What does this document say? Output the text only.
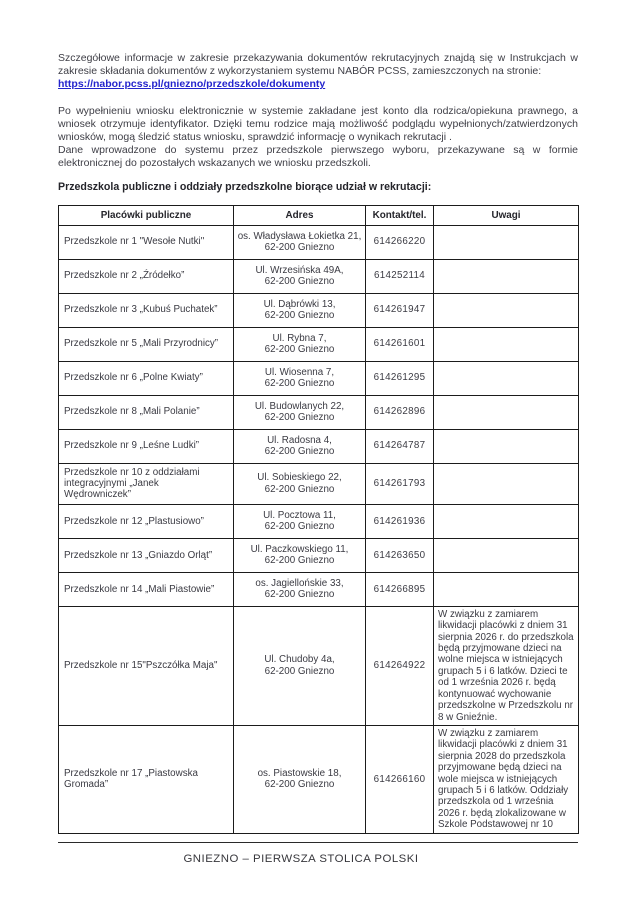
Szczegółowe informacje w zakresie przekazywania dokumentów rekrutacyjnych znajdą się w Instrukcjach w zakresie składania dokumentów z wykorzystaniem systemu NABÓR PCSS, zamieszczonych na stronie:
https://nabor.pcss.pl/gniezno/przedszkole/dokumenty
Po wypełnieniu wniosku elektronicznie w systemie zakładane jest konto dla rodzica/opiekuna prawnego, a wniosek otrzymuje identyfikator. Dzięki temu rodzice mają możliwość podglądu wypełnionych/zatwierdzonych wniosków, mogą śledzić status wniosku, sprawdzić informację o wynikach rekrutacji .
Dane wprowadzone do systemu przez przedszkole pierwszego wyboru, przekazywane są w formie elektronicznej do pozostałych wskazanych we wniosku przedszkoli.
Przedszkola publiczne i oddziały przedszkolne biorące udział w rekrutacji:
Placówki publiczne	Adres	Kontakt/tel.	Uwagi
Przedszkole nr 1 "Wesołe Nutki"	os. Władysława Łokietka 21,
62-200 Gniezno	614266220	
Przedszkole nr 2 „Źródełko”	Ul. Wrzesińska 49A,
62-200 Gniezno	614252114	
Przedszkole nr 3 „Kubuś Puchatek”	Ul. Dąbrówki 13,
62-200 Gniezno	614261947	
Przedszkole nr 5 „Mali Przyrodnicy”	Ul. Rybna 7,
62-200 Gniezno	614261601	
Przedszkole nr 6 „Polne Kwiaty”	Ul. Wiosenna 7,
62-200 Gniezno	614261295	
Przedszkole nr 8 „Mali Polanie”	Ul. Budowlanych 22,
62-200 Gniezno	614262896	
Przedszkole nr 9 „Leśne Ludki”	Ul. Radosna 4,
62-200 Gniezno	614264787	
Przedszkole nr 10 z oddziałami integracyjnymi „Janek Wędrowniczek”	Ul. Sobieskiego 22,
62-200 Gniezno	614261793	
Przedszkole nr 12 „Plastusiowo”	Ul. Pocztowa 11,
62-200 Gniezno	614261936	
Przedszkole nr 13 „Gniazdo Orląt”	Ul. Paczkowskiego 11,
62-200 Gniezno	614263650	
Przedszkole nr 14 „Mali Piastowie”	os. Jagiellońskie 33,
62-200 Gniezno	614266895	
Przedszkole nr 15"Pszczółka Maja"	Ul. Chudoby 4a,
62-200 Gniezno	614264922	W związku z zamiarem likwidacji placówki z dniem 31 sierpnia 2026 r. do przedszkola będą przyjmowane dzieci na wolne miejsca w istniejących grupach 5 i 6 latków. Dzieci te od 1 września 2026 r. będą kontynuować wychowanie przedszkolne w Przedszkolu nr 8 w Gnieźnie.
Przedszkole nr 17 „Piastowska Gromada”	os. Piastowskie 18,
62-200 Gniezno	614266160	W związku z zamiarem likwidacji placówki z dniem 31 sierpnia 2028 do przedszkola przyjmowane będą dzieci na wole miejsca w istniejących grupach 5 i 6 latków. Oddziały przedszkola od 1 września 2026 r. będą zlokalizowane w Szkole Podstawowej nr 10
GNIEZNO – PIERWSZA STOLICA POLSKI
